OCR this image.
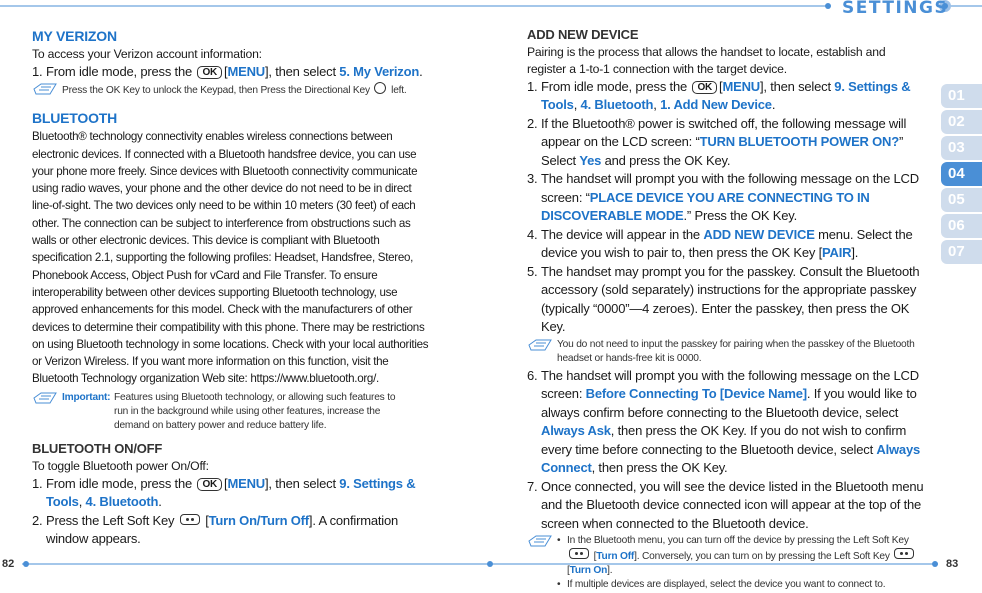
SETTINGS
MY VERIZON

To access your Verizon account information:

1. From idle mode, press the OK [MENU], then select 5. My Verizon.
Press the OK Key to unlock the Keypad, then Press the Directional Key left.
BLUETOOTH

Bluetooth® technology connectivity enables wireless connections between electronic devices. If connected with a Bluetooth handsfree device, you can use your phone more freely. Since devices with Bluetooth connectivity communicate using radio waves, your phone and the other device do not need to be in direct line-of-sight. The two devices only need to be within 10 meters (30 feet) of each other. The connection can be subject to interference from obstructions such as walls or other electronic devices. This device is compliant with Bluetooth specification 2.1, supporting the following profiles: Headset, Handsfree, Stereo, Phonebook Access, Object Push for vCard and File Transfer. To ensure interoperability between other devices supporting Bluetooth technology, use approved enhancements for this model. Check with the manufacturers of other devices to determine their compatibility with this phone. There may be restrictions on using Bluetooth technology in some locations. Check with your local authorities or Verizon Wireless. If you want more information on this function, visit the Bluetooth Technology organization Web site: https://www.bluetooth.org/.

Important: Features using Bluetooth technology, or allowing such features to run in the background while using other features, increase the demand on battery power and reduce battery life.
BLUETOOTH ON/OFF

To toggle Bluetooth power On/Off:

1. From idle mode, press the OK [MENU], then select 9. Settings & Tools, 4. Bluetooth.
2. Press the Left Soft Key [Turn On/Turn Off]. A confirmation window appears.
ADD NEW DEVICE

Pairing is the process that allows the handset to locate, establish and register a 1-to-1 connection with the target device.

1. From idle mode, press the OK [MENU], then select 9. Settings & Tools, 4. Bluetooth, 1. Add New Device.
2. If the Bluetooth® power is switched off, the following message will appear on the LCD screen: “TURN BLUETOOTH POWER ON?” Select Yes and press the OK Key.
3. The handset will prompt you with the following message on the LCD screen: “PLACE DEVICE YOU ARE CONNECTING TO IN DISCOVERABLE MODE.” Press the OK Key.
4. The device will appear in the ADD NEW DEVICE menu. Select the device you wish to pair to, then press the OK Key [PAIR].
5. The handset may prompt you for the passkey. Consult the Bluetooth accessory (sold separately) instructions for the appropriate passkey (typically “0000”—4 zeroes). Enter the passkey, then press the OK Key.
You do not need to input the passkey for pairing when the passkey of the Bluetooth headset or hands-free kit is 0000.
6. The handset will prompt you with the following message on the LCD screen: Before Connecting To [Device Name]. If you would like to always confirm before connecting to the Bluetooth device, select Always Ask, then press the OK Key. If you do not wish to confirm every time before connecting to the Bluetooth device, select Always Connect, then press the OK Key.
7. Once connected, you will see the device listed in the Bluetooth menu and the Bluetooth device connected icon will appear at the top of the screen when connected to the Bluetooth device.
• In the Bluetooth menu, you can turn off the device by pressing the Left Soft Key  [Turn Off]. Conversely, you can turn on by pressing the Left Soft Key  [Turn On].
• If multiple devices are displayed, select the device you want to connect to.
01
02
03
04
05
06
07
82	83
